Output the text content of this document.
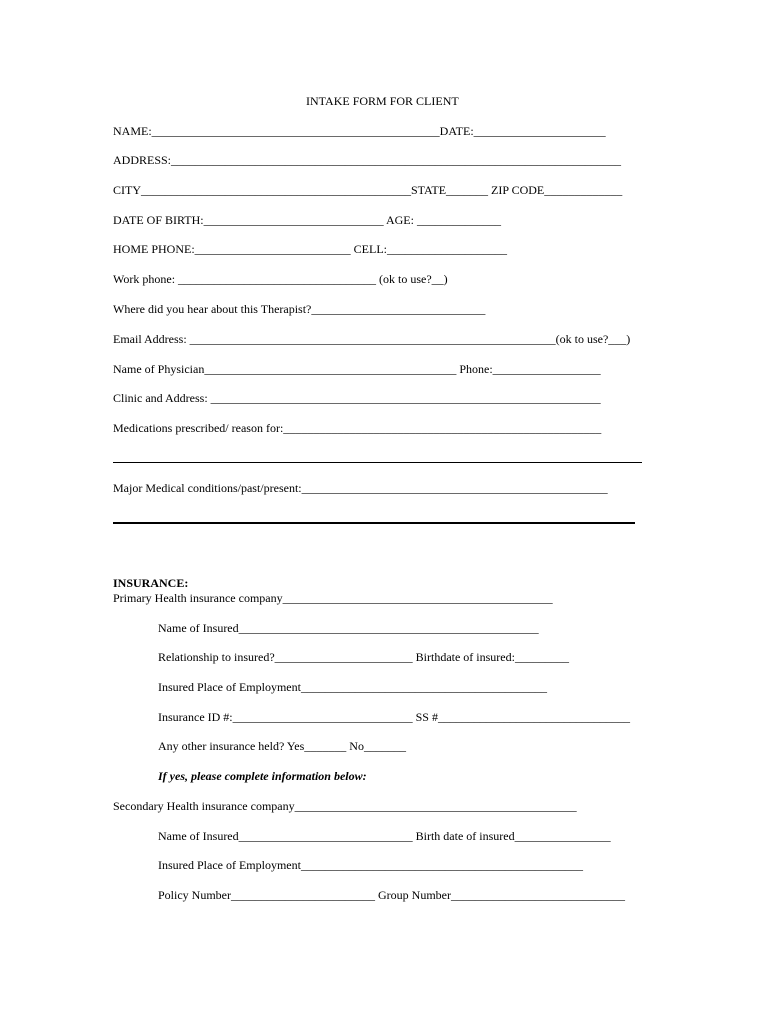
INTAKE FORM FOR CLIENT
NAME:________________________________________________DATE:______________________
ADDRESS:___________________________________________________________________________
CITY_____________________________________________STATE_______ ZIP CODE_____________
DATE OF BIRTH:______________________________ AGE: ______________
HOME PHONE:__________________________ CELL:____________________
Work phone: _________________________________ (ok to use?__)
Where did you hear about this Therapist?_____________________________
Email Address: _____________________________________________________________(ok to use?___)
Name of Physician__________________________________________ Phone:__________________
Clinic and Address: _________________________________________________________________
Medications prescribed/ reason for:_____________________________________________________
Major Medical conditions/past/present:___________________________________________________
INSURANCE:
Primary Health insurance company_____________________________________________
Name of Insured__________________________________________________
Relationship to insured?_______________________ Birthdate of insured:_________
Insured Place of Employment_________________________________________
Insurance ID #:______________________________ SS #________________________________
Any other insurance held? Yes_______ No_______
If yes, please complete information below:
Secondary Health insurance company_______________________________________________
Name of Insured_____________________________ Birth date of insured________________
Insured Place of Employment_______________________________________________
Policy Number________________________ Group Number_____________________________
